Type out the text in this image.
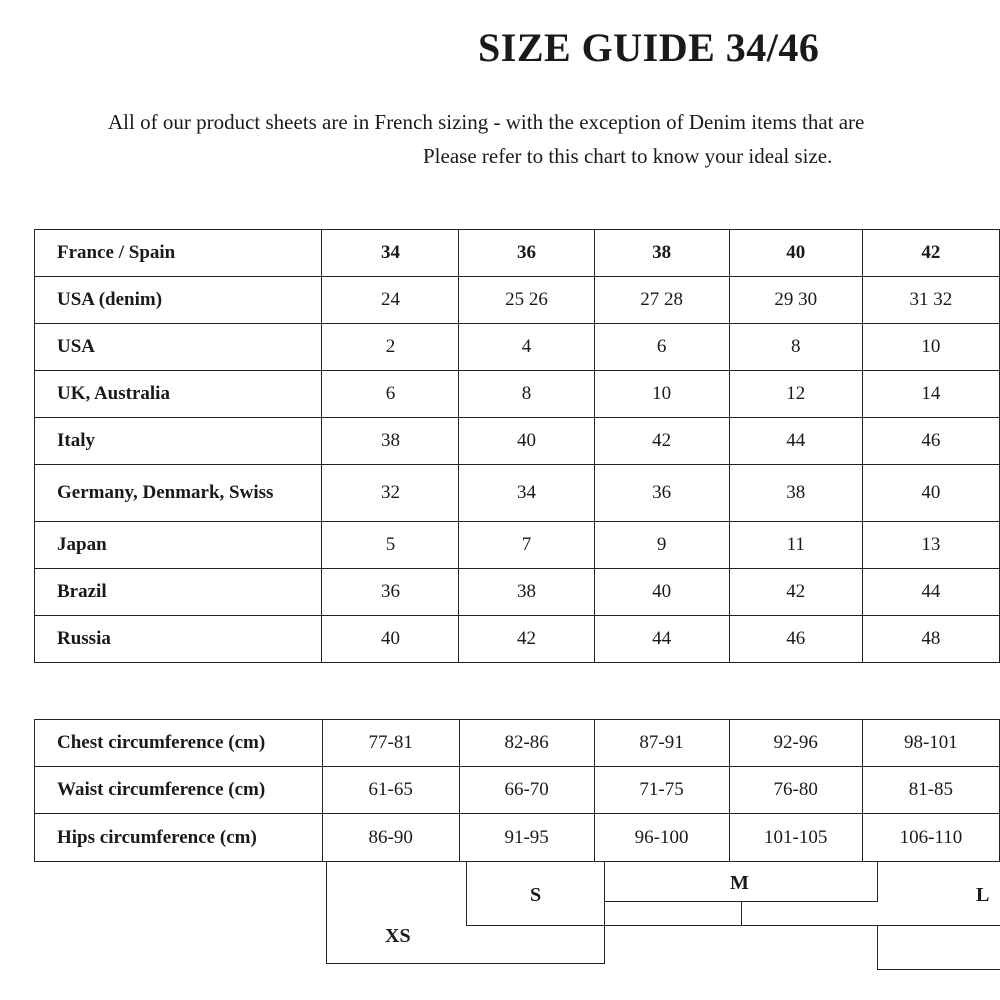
SIZE GUIDE 34/46

All of our product sheets are in French sizing - with the exception of Denim items that are

Please refer to this chart to know your ideal size.

France / Spain	34	36	38	40	42
USA (denim)	24	25 26	27 28	29 30	31 32
USA	2	4	6	8	10
UK, Australia	6	8	10	12	14
Italy	38	40	42	44	46
Germany, Denmark, Swiss	32	34	36	38	40
Japan	5	7	9	11	13
Brazil	36	38	40	42	44
Russia	40	42	44	46	48
Chest circumference (cm)	77-81	82-86	87-91	92-96	98-101
Waist circumference (cm)	61-65	66-70	71-75	76-80	81-85
Hips circumference (cm)	86-90	91-95	96-100	101-105	106-110
XS
S
M
L
